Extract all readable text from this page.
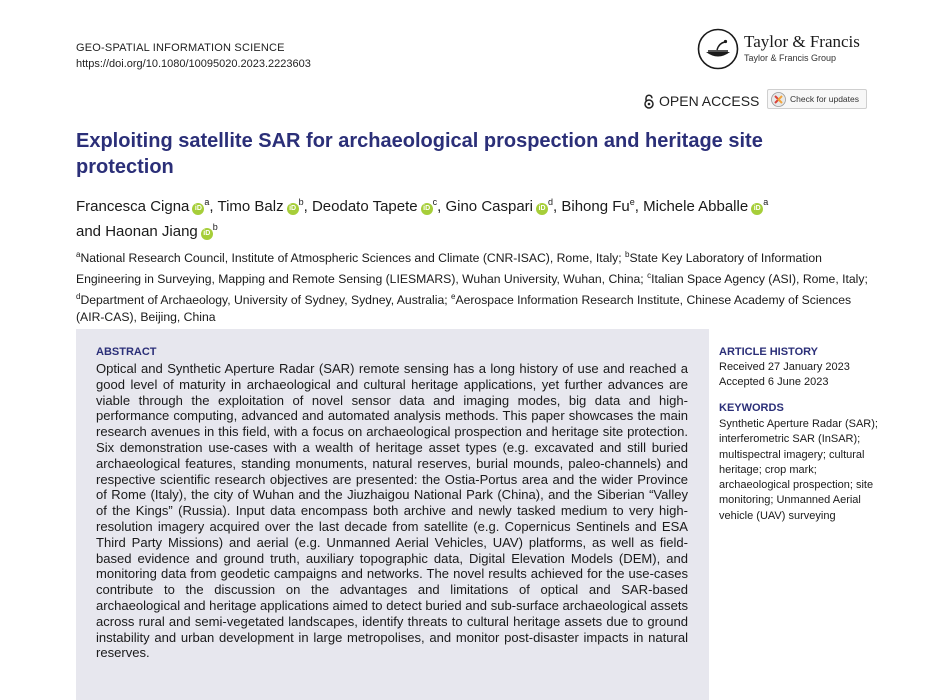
GEO-SPATIAL INFORMATION SCIENCE
https://doi.org/10.1080/10095020.2023.2223603
Taylor & Francis
Taylor & Francis Group
OPEN ACCESS	Check for updates
Exploiting satellite SAR for archaeological prospection and heritage site protection
Francesca Cigna $iD^a$, Timo Balz $iD^b$, Deodato Tapete $iD^c$, Gino Caspari $iD^d$, Bihong Fu$^e$, Michele Abballe $iD^a$
and Haonan Jiang $iD^b$
$^a$National Research Council, Institute of Atmospheric Sciences and Climate (CNR-ISAC), Rome, Italy; $^b$State Key Laboratory of Information Engineering in Surveying, Mapping and Remote Sensing (LIESMARS), Wuhan University, Wuhan, China; $^c$Italian Space Agency (ASI), Rome, Italy; $^d$Department of Archaeology, University of Sydney, Sydney, Australia; $^e$Aerospace Information Research Institute, Chinese Academy of Sciences (AIR-CAS), Beijing, China
ABSTRACT
Optical and Synthetic Aperture Radar (SAR) remote sensing has a long history of use and reached a good level of maturity in archaeological and cultural heritage applications, yet further advances are viable through the exploitation of novel sensor data and imaging modes, big data and high-performance computing, advanced and automated analysis methods. This paper showcases the main research avenues in this field, with a focus on archaeological prospection and heritage site protection. Six demonstration use-cases with a wealth of heritage asset types (e.g. excavated and still buried archaeological features, standing monuments, natural reserves, burial mounds, paleo-channels) and respective scientific research objectives are presented: the Ostia-Portus area and the wider Province of Rome (Italy), the city of Wuhan and the Jiuzhaigou National Park (China), and the Siberian “Valley of the Kings” (Russia). Input data encompass both archive and newly tasked medium to very high-resolution imagery acquired over the last decade from satellite (e.g. Copernicus Sentinels and ESA Third Party Missions) and aerial (e.g. Unmanned Aerial Vehicles, UAV) platforms, as well as field-based evidence and ground truth, auxiliary topographic data, Digital Elevation Models (DEM), and monitoring data from geodetic campaigns and networks. The novel results achieved for the use-cases contribute to the discussion on the advantages and limitations of optical and SAR-based archaeological and heritage applications aimed to detect buried and sub-surface archaeological assets across rural and semi-vegetated landscapes, identify threats to cultural heritage assets due to ground instability and urban development in large metropolises, and monitor post-disaster impacts in natural reserves.
ARTICLE HISTORY
Received 27 January 2023
Accepted 6 June 2023
KEYWORDS
Synthetic Aperture Radar (SAR); interferometric SAR (InSAR); multispectral imagery; cultural heritage; crop mark; archaeological prospection; site monitoring; Unmanned Aerial vehicle (UAV) surveying
